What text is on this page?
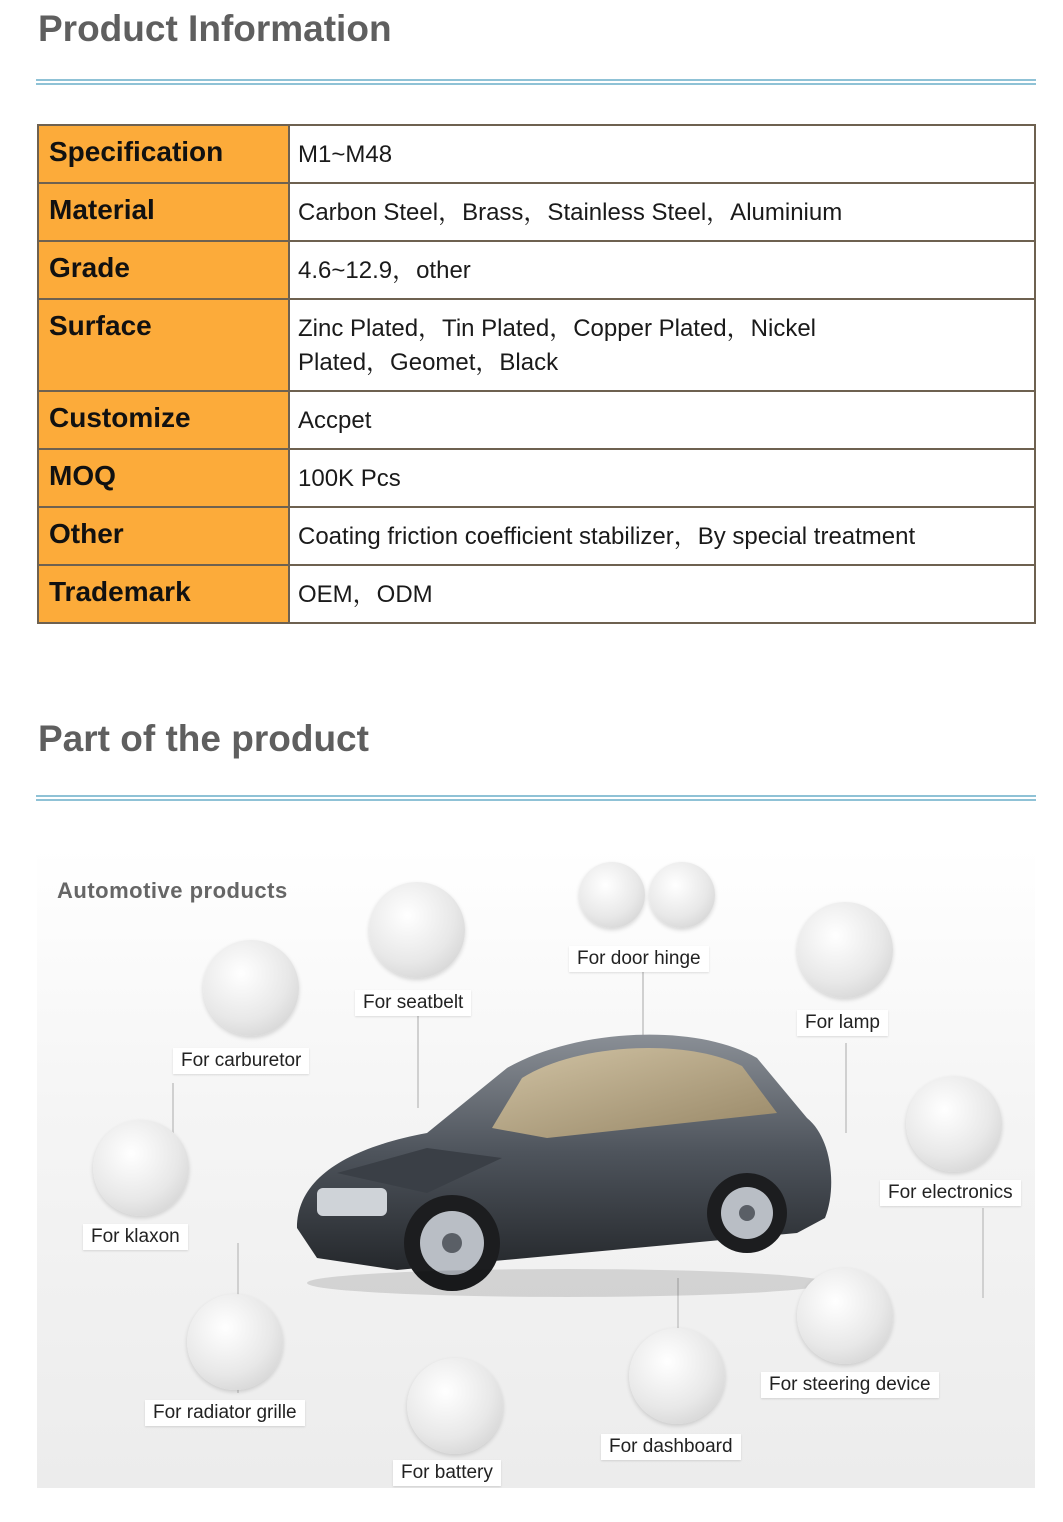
Product Information
Specification	M1~M48
Material	Carbon Steel，Brass，Stainless Steel，Aluminium
Grade	4.6~12.9，other
Surface	Zinc Plated，Tin Plated，Copper Plated，Nickel Plated，Geomet，Black
Customize	Accpet
MOQ	100K Pcs
Other	Coating friction coefficient stabilizer，By special treatment
Trademark	OEM，ODM
Part of the product
Automotive products
For door hinge
For seatbelt
For carburetor
For lamp
For electronics
For klaxon
For radiator grille
For battery
For dashboard
For steering device
